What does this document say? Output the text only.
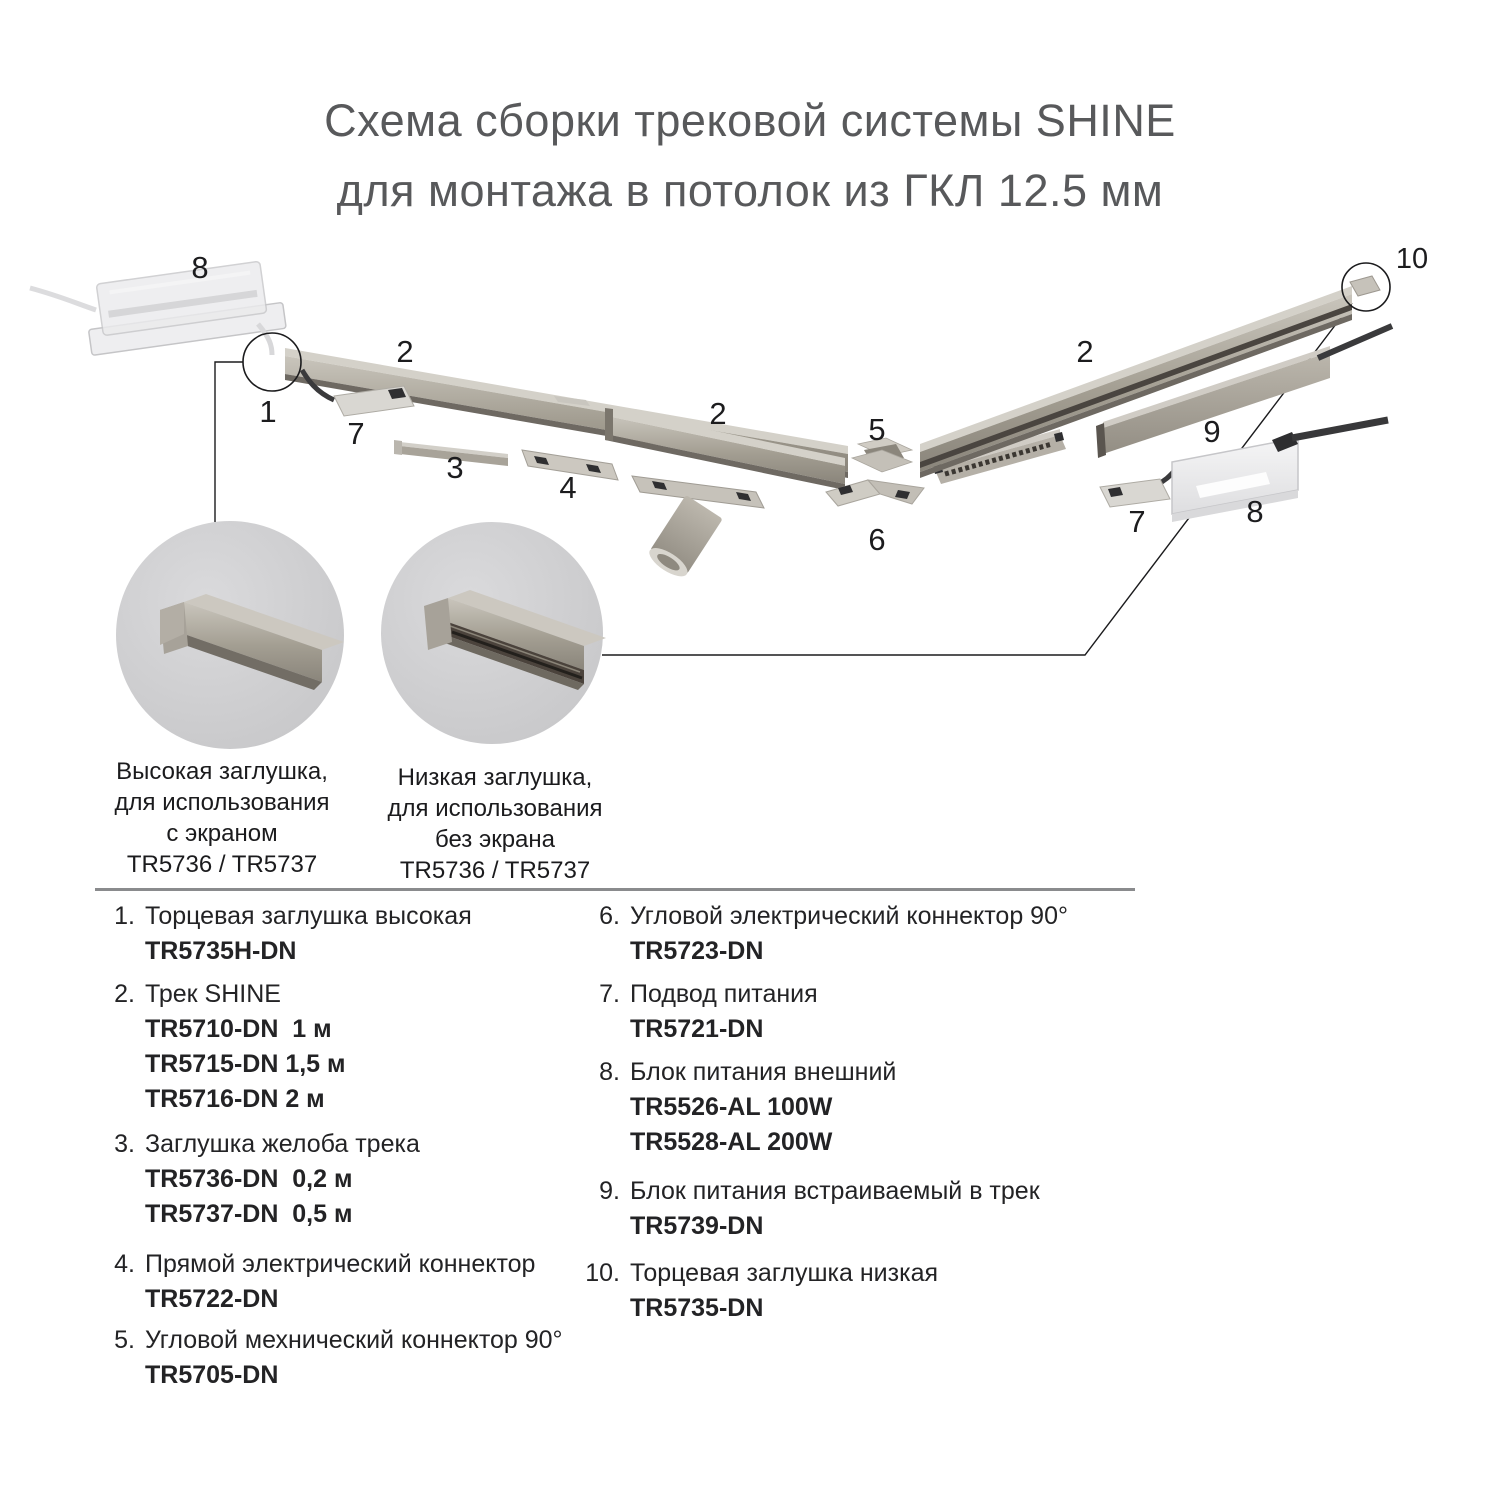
Схема сборки трековой системы SHINE
для монтажа в потолок из ГКЛ 12.5 мм
8
2
1
7
3
4
2	5
6
2
10
9
7	8
Высокая заглушка,
для использования
с экраном
TR5736 / TR5737
Низкая заглушка,
для использования
без экрана
TR5736 / TR5737
1. Торцевая заглушка высокая
TR5735H-DN
2. Трек SHINE
TR5710-DN  1 м
TR5715-DN 1,5 м
TR5716-DN 2 м
3. Заглушка желоба трека
TR5736-DN  0,2 м
TR5737-DN  0,5 м
4. Прямой электрический коннектор
TR5722-DN
5. Угловой мехнический коннектор 90°
TR5705-DN
6. Угловой электрический коннектор 90°
TR5723-DN
7. Подвод питания
TR5721-DN
8. Блок питания внешний
TR5526-AL 100W
TR5528-AL 200W
9. Блок питания встраиваемый в трек
TR5739-DN
10. Торцевая заглушка низкая
TR5735-DN
